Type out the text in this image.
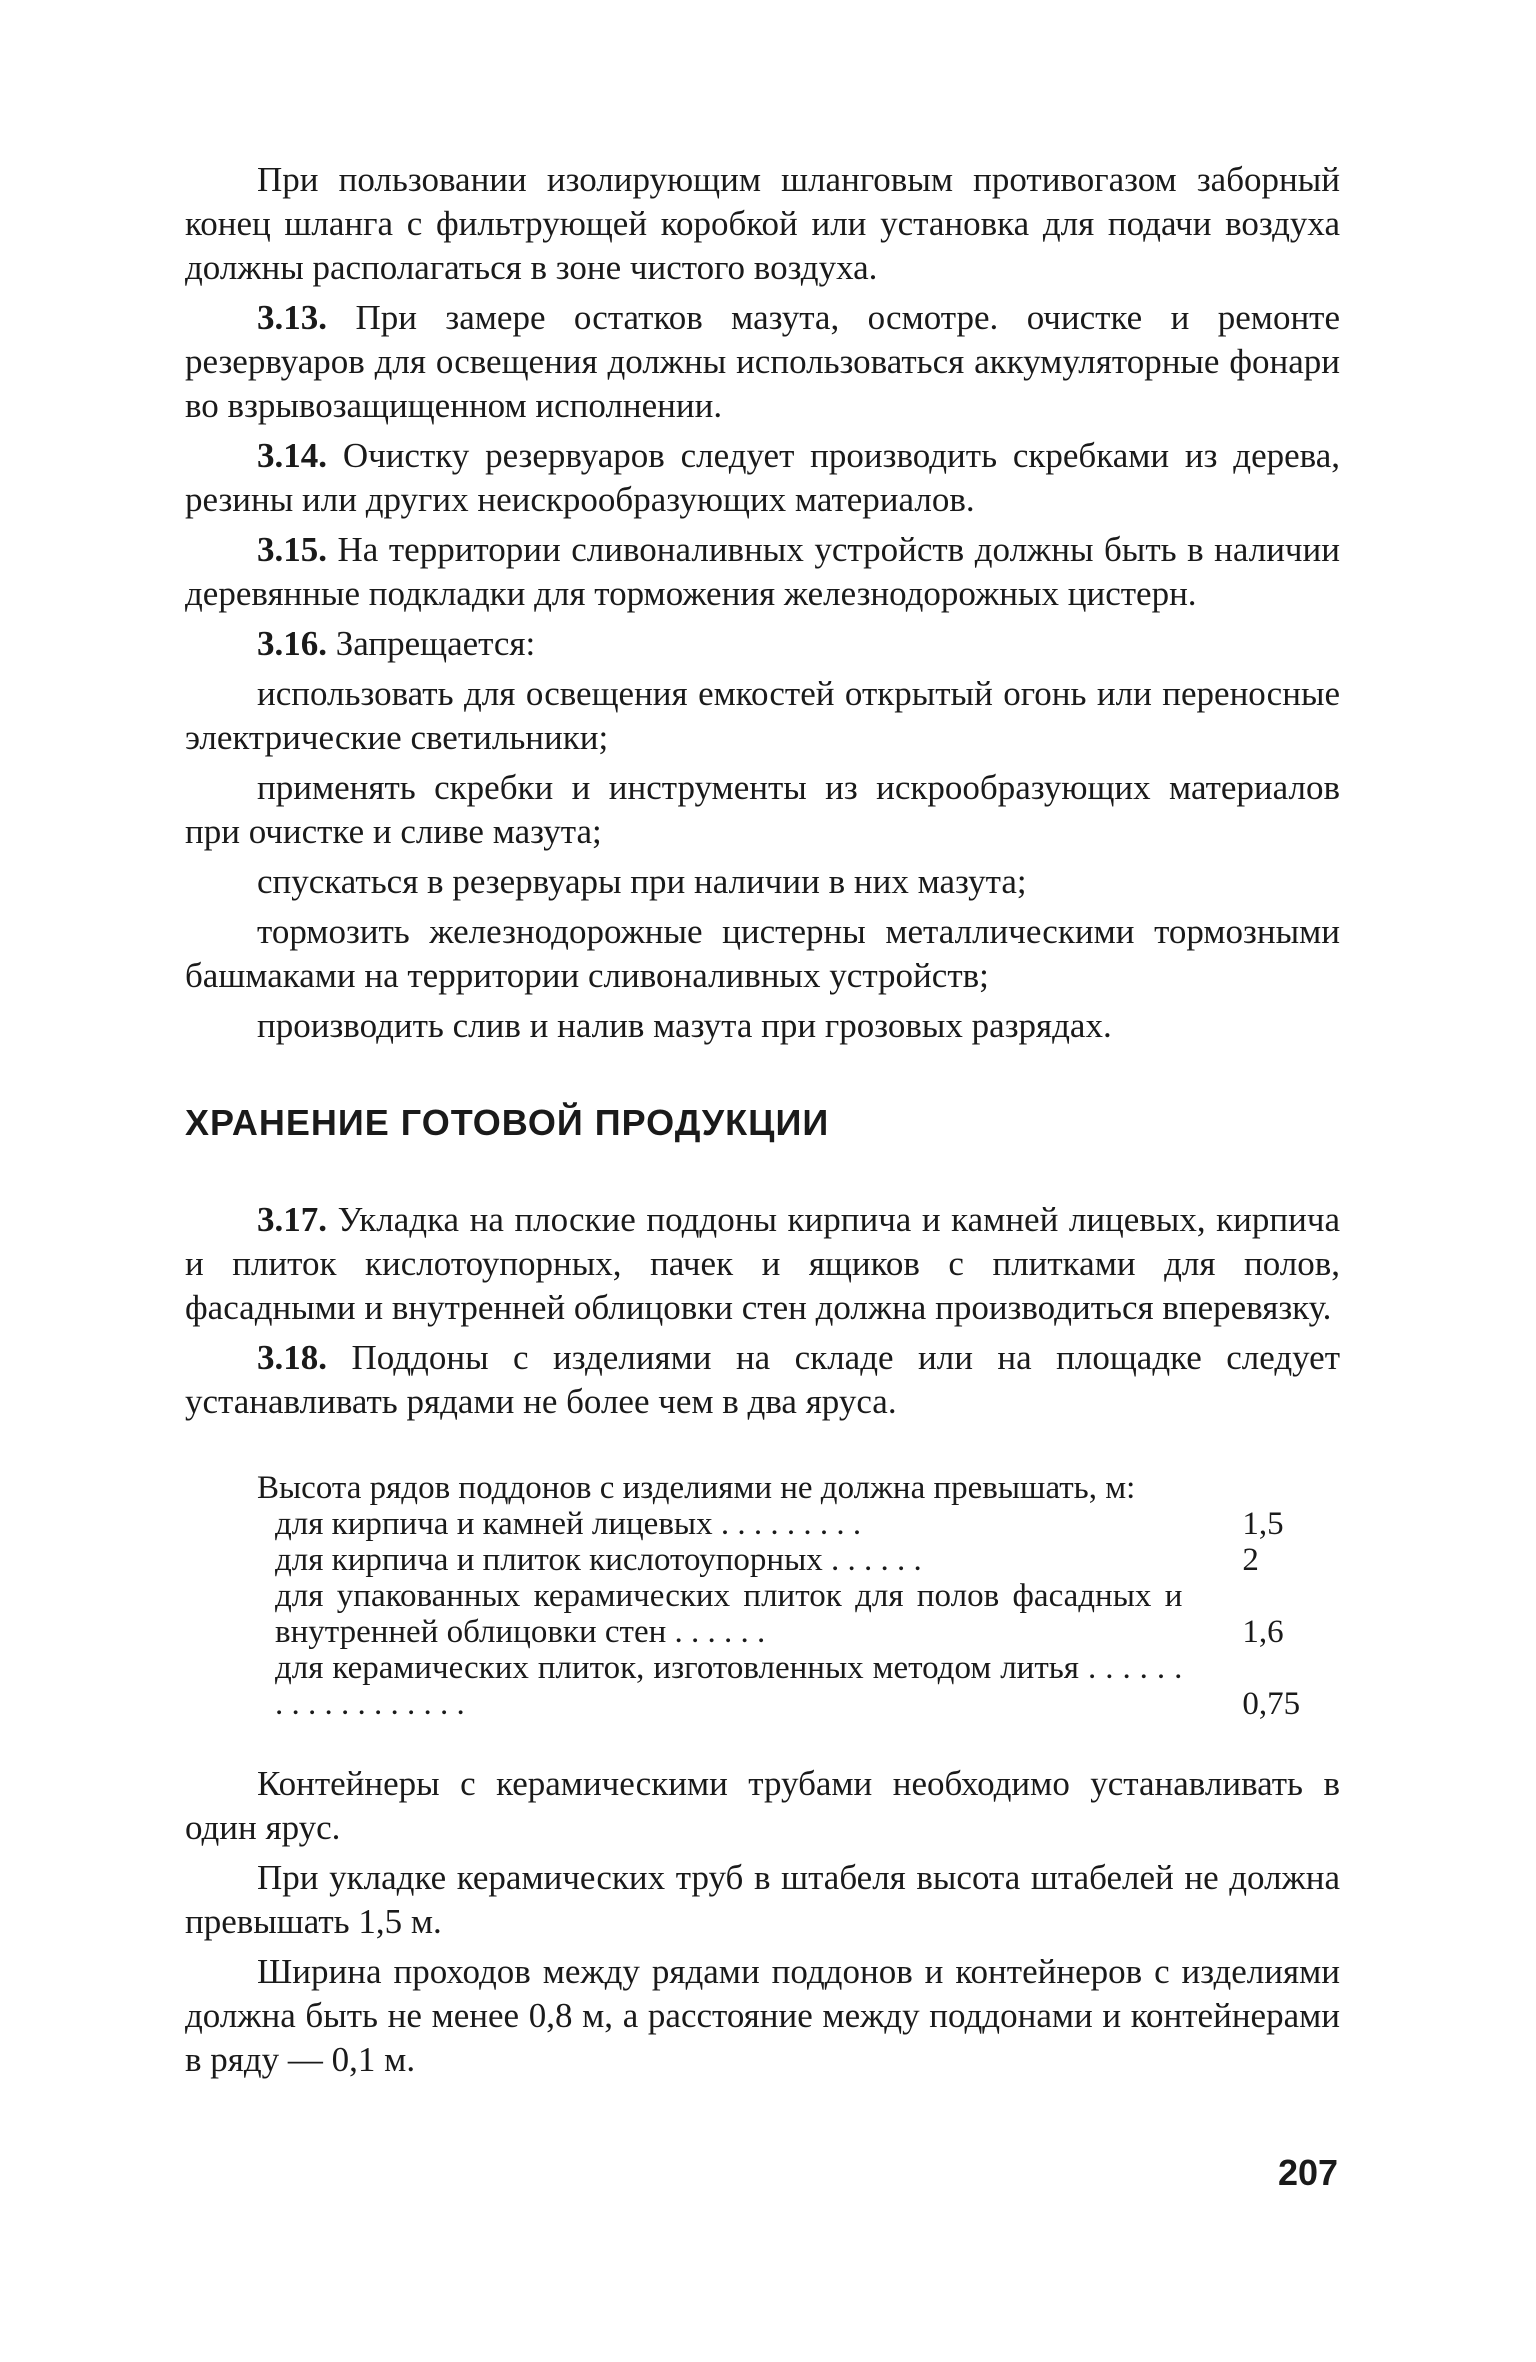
При пользовании изолирующим шланговым противогазом заборный конец шланга с фильтрующей коробкой или установка для подачи воздуха должны располагаться в зоне чистого воздуха.

3.13. При замере остатков мазута, осмотре. очистке и ремонте резервуаров для освещения должны использоваться аккумуляторные фонари во взрывозащищенном исполнении.

3.14. Очистку резервуаров следует производить скребками из дерева, резины или других неискрообразующих материалов.

3.15. На территории сливоналивных устройств должны быть в наличии деревянные подкладки для торможения железнодорожных цистерн.

3.16. Запрещается:

использовать для освещения емкостей открытый огонь или переносные электрические светильники;

применять скребки и инструменты из искрообразующих материалов при очистке и сливе мазута;

спускаться в резервуары при наличии в них мазута;

тормозить железнодорожные цистерны металлическими тормозными башмаками на территории сливоналивных устройств;

производить слив и налив мазута при грозовых разрядах.

ХРАНЕНИЕ ГОТОВОЙ ПРОДУКЦИИ

3.17. Укладка на плоские поддоны кирпича и камней лицевых, кирпича и плиток кислотоупорных, пачек и ящиков с плитками для полов, фасадными и внутренней облицовки стен должна производиться вперевязку.

3.18. Поддоны с изделиями на складе или на площадке следует устанавливать рядами не более чем в два яруса.

Высота рядов поддонов с изделиями не должна превышать, м:
для кирпича и камней лицевых . . . . . . . . .	1,5
для кирпича и плиток кислотоупорных . . . . . .	2
для упакованных керамических плиток для полов фасадных и внутренней облицовки стен . . . . . .	1,6
для керамических плиток, изготовленных методом литья . . . . . . . . . . . . . . . . . .	0,75

Контейнеры с керамическими трубами необходимо устанавливать в один ярус.

При укладке керамических труб в штабеля высота штабелей не должна превышать 1,5 м.

Ширина проходов между рядами поддонов и контейнеров с изделиями должна быть не менее 0,8 м, а расстояние между поддонами и контейнерами в ряду — 0,1 м.

207
